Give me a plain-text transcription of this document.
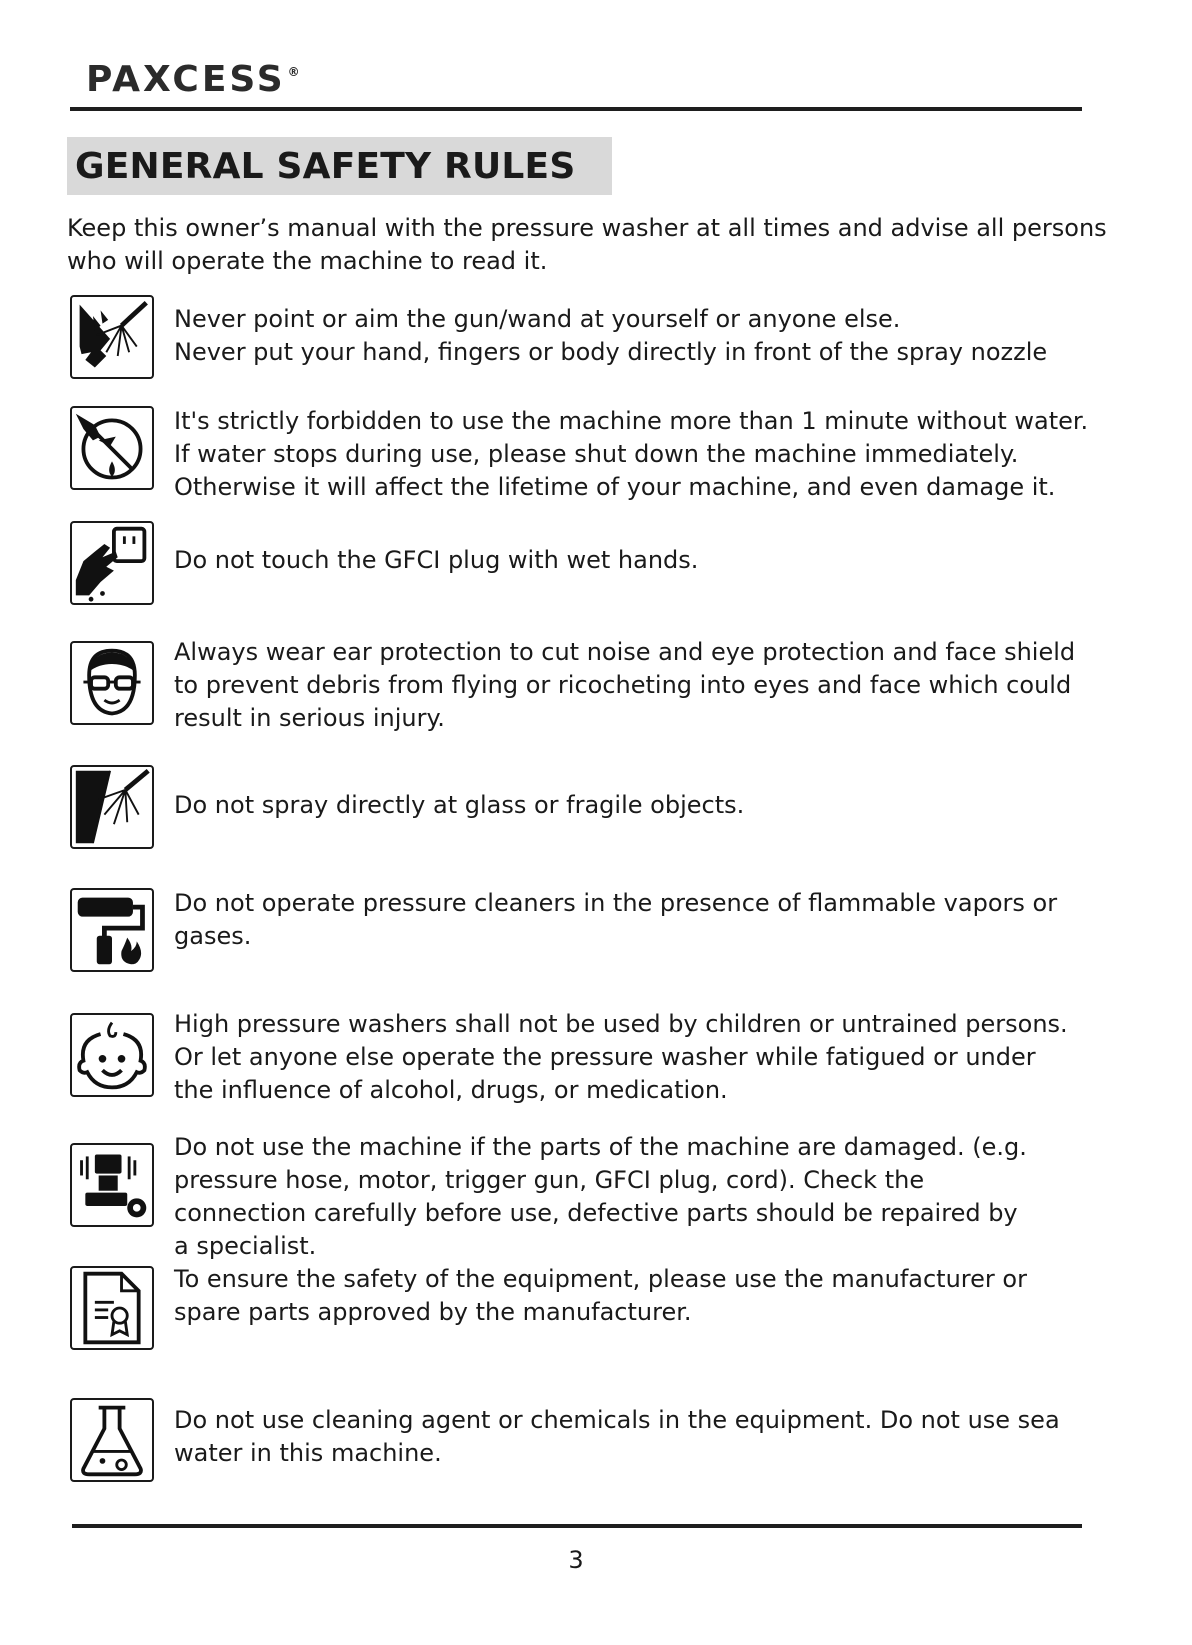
PAXCESS ®
GENERAL SAFETY RULES

Keep this owner’s manual with the pressure washer at all times and advise all persons
who will operate the machine to read it.

Never point or aim the gun/wand at yourself or anyone else.
Never put your hand, fingers or body directly in front of the spray nozzle

It's strictly forbidden to use the machine more than 1 minute without water.
If water stops during use, please shut down the machine immediately.
Otherwise it will affect the lifetime of your machine, and even damage it.

Do not touch the GFCI plug with wet hands.

Always wear ear protection to cut noise and eye protection and face shield
to prevent debris from flying or ricocheting into eyes and face which could
result in serious injury.

Do not spray directly at glass or fragile objects.

Do not operate pressure cleaners in the presence of flammable vapors or
gases.

High pressure washers shall not be used by children or untrained persons.
Or let anyone else operate the pressure washer while fatigued or under
the influence of alcohol, drugs, or medication.

Do not use the machine if the parts of the machine are damaged. (e.g.
pressure hose, motor, trigger gun, GFCI plug, cord). Check the
connection carefully before use, defective parts should be repaired by
a specialist.

To ensure the safety of the equipment, please use the manufacturer or
spare parts approved by the manufacturer.

Do not use cleaning agent or chemicals in the equipment. Do not use sea
water in this machine.

3
